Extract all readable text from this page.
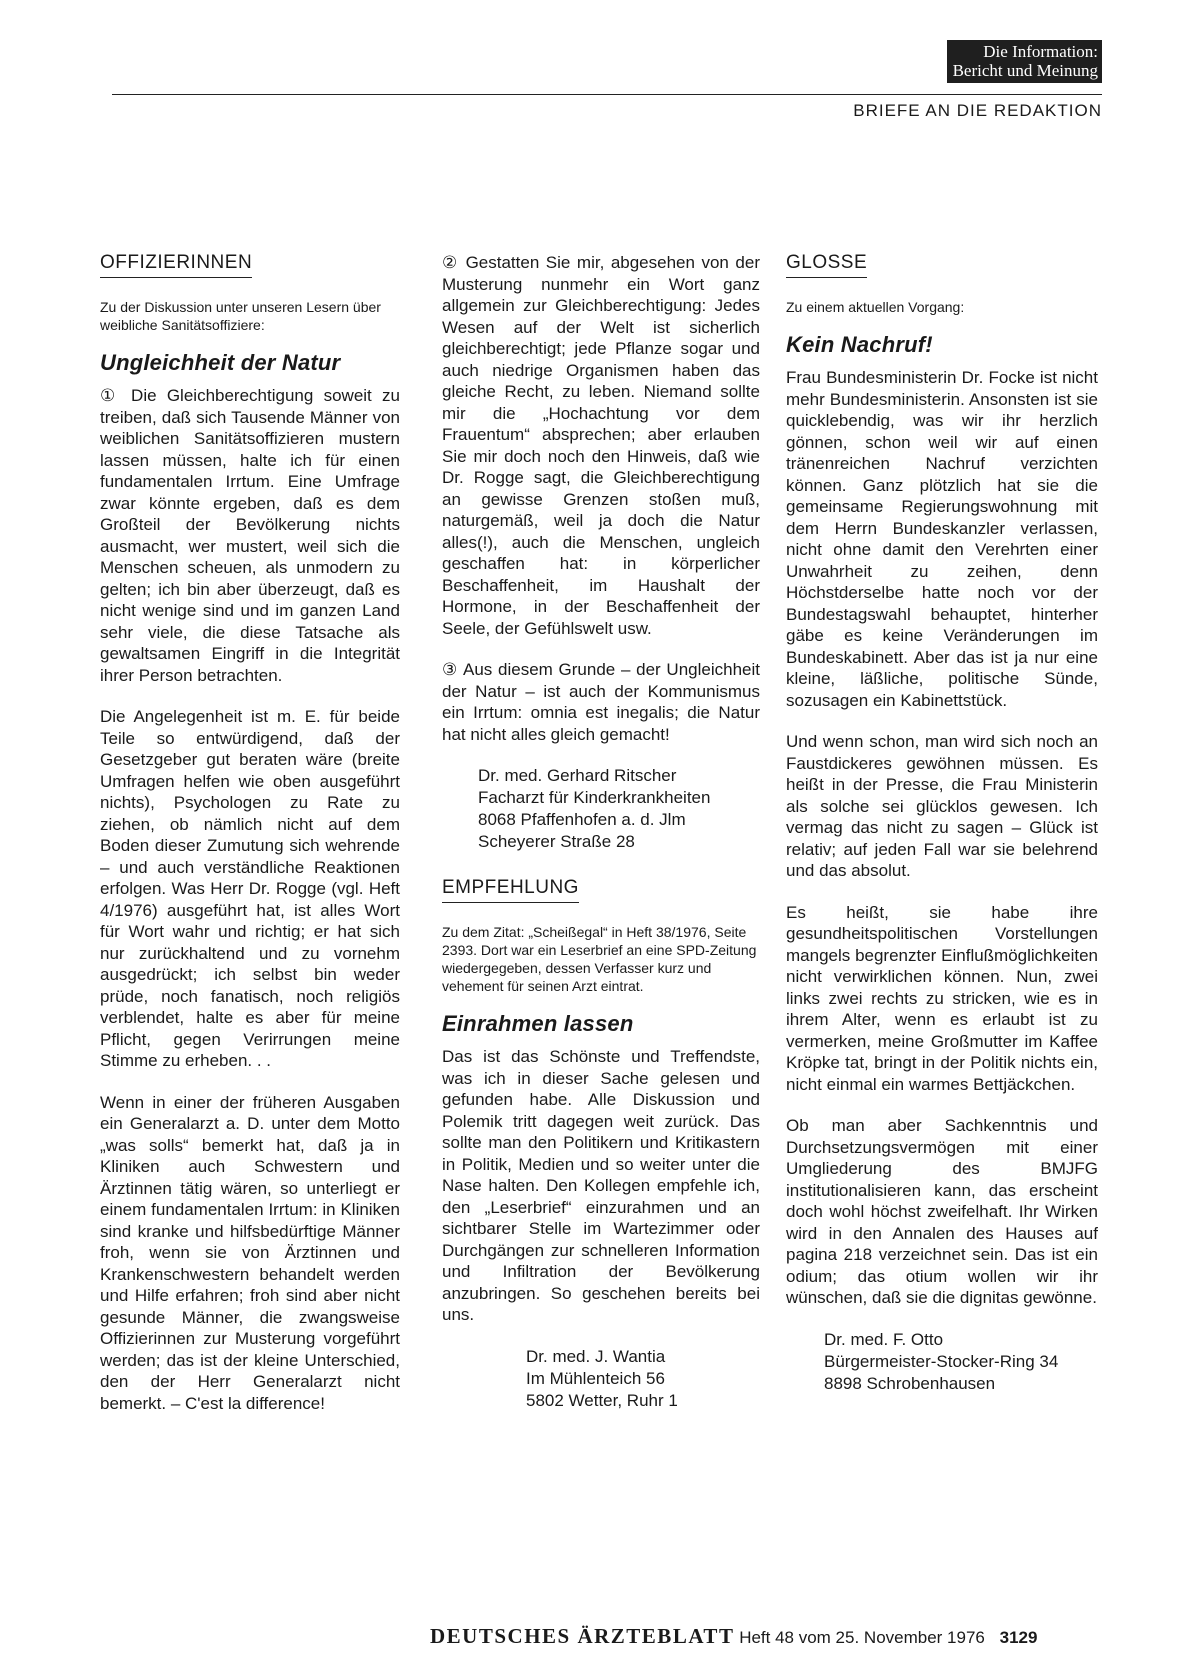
Die Information:
Bericht und Meinung
BRIEFE AN DIE REDAKTION
OFFIZIERINNEN
Zu der Diskussion unter unseren Lesern über weibliche Sanitätsoffiziere:
Ungleichheit der Natur

① Die Gleichberechtigung soweit zu treiben, daß sich Tausende Männer von weiblichen Sanitätsoffizieren mustern lassen müssen, halte ich für einen fundamentalen Irrtum. Eine Umfrage zwar könnte ergeben, daß es dem Großteil der Bevölkerung nichts ausmacht, wer mustert, weil sich die Menschen scheuen, als unmodern zu gelten; ich bin aber überzeugt, daß es nicht wenige sind und im ganzen Land sehr viele, die diese Tatsache als gewaltsamen Eingriff in die Integrität ihrer Person betrachten.

Die Angelegenheit ist m. E. für beide Teile so entwürdigend, daß der Gesetzgeber gut beraten wäre (breite Umfragen helfen wie oben ausgeführt nichts), Psychologen zu Rate zu ziehen, ob nämlich nicht auf dem Boden dieser Zumutung sich wehrende – und auch verständliche Reaktionen erfolgen. Was Herr Dr. Rogge (vgl. Heft 4/1976) ausgeführt hat, ist alles Wort für Wort wahr und richtig; er hat sich nur zurückhaltend und zu vornehm ausgedrückt; ich selbst bin weder prüde, noch fanatisch, noch religiös verblendet, halte es aber für meine Pflicht, gegen Verirrungen meine Stimme zu erheben. . .

Wenn in einer der früheren Ausgaben ein Generalarzt a. D. unter dem Motto „was solls“ bemerkt hat, daß ja in Kliniken auch Schwestern und Ärztinnen tätig wären, so unterliegt er einem fundamentalen Irrtum: in Kliniken sind kranke und hilfsbedürftige Männer froh, wenn sie von Ärztinnen und Krankenschwestern behandelt werden und Hilfe erfahren; froh sind aber nicht gesunde Männer, die zwangsweise Offizierinnen zur Musterung vorgeführt werden; das ist der kleine Unterschied, den der Herr Generalarzt nicht bemerkt. – C'est la difference!

② Gestatten Sie mir, abgesehen von der Musterung nunmehr ein Wort ganz allgemein zur Gleichberechtigung: Jedes Wesen auf der Welt ist sicherlich gleichberechtigt; jede Pflanze sogar und auch niedrige Organismen haben das gleiche Recht, zu leben. Niemand sollte mir die „Hochachtung vor dem Frauentum“ absprechen; aber erlauben Sie mir doch noch den Hinweis, daß wie Dr. Rogge sagt, die Gleichberechtigung an gewisse Grenzen stoßen muß, naturgemäß, weil ja doch die Natur alles(!), auch die Menschen, ungleich geschaffen hat: in körperlicher Beschaffenheit, im Haushalt der Hormone, in der Beschaffenheit der Seele, der Gefühlswelt usw.

③ Aus diesem Grunde – der Ungleichheit der Natur – ist auch der Kommunismus ein Irrtum: omnia est inegalis; die Natur hat nicht alles gleich gemacht!

Dr. med. Gerhard Ritscher
Facharzt für Kinderkrankheiten
8068 Pfaffenhofen a. d. Jlm
Scheyerer Straße 28
EMPFEHLUNG
Zu dem Zitat: „Scheißegal“ in Heft 38/1976, Seite 2393. Dort war ein Leserbrief an eine SPD-Zeitung wiedergegeben, dessen Verfasser kurz und vehement für seinen Arzt eintrat.
Einrahmen lassen

Das ist das Schönste und Treffendste, was ich in dieser Sache gelesen und gefunden habe. Alle Diskussion und Polemik tritt dagegen weit zurück. Das sollte man den Politikern und Kritikastern in Politik, Medien und so weiter unter die Nase halten. Den Kollegen empfehle ich, den „Leserbrief“ einzurahmen und an sichtbarer Stelle im Wartezimmer oder Durchgängen zur schnelleren Information und Infiltration der Bevölkerung anzubringen. So geschehen bereits bei uns.

Dr. med. J. Wantia
Im Mühlenteich 56
5802 Wetter, Ruhr 1
GLOSSE
Zu einem aktuellen Vorgang:
Kein Nachruf!

Frau Bundesministerin Dr. Focke ist nicht mehr Bundesministerin. Ansonsten ist sie quicklebendig, was wir ihr herzlich gönnen, schon weil wir auf einen tränenreichen Nachruf verzichten können. Ganz plötzlich hat sie die gemeinsame Regierungswohnung mit dem Herrn Bundeskanzler verlassen, nicht ohne damit den Verehrten einer Unwahrheit zu zeihen, denn Höchstderselbe hatte noch vor der Bundestagswahl behauptet, hinterher gäbe es keine Veränderungen im Bundeskabinett. Aber das ist ja nur eine kleine, läßliche, politische Sünde, sozusagen ein Kabinettstück.

Und wenn schon, man wird sich noch an Faustdickeres gewöhnen müssen. Es heißt in der Presse, die Frau Ministerin als solche sei glücklos gewesen. Ich vermag das nicht zu sagen – Glück ist relativ; auf jeden Fall war sie belehrend und das absolut.

Es heißt, sie habe ihre gesundheitspolitischen Vorstellungen mangels begrenzter Einflußmöglichkeiten nicht verwirklichen können. Nun, zwei links zwei rechts zu stricken, wie es in ihrem Alter, wenn es erlaubt ist zu vermerken, meine Großmutter im Kaffee Kröpke tat, bringt in der Politik nichts ein, nicht einmal ein warmes Bettjäckchen.

Ob man aber Sachkenntnis und Durchsetzungsvermögen mit einer Umgliederung des BMJFG institutionalisieren kann, das erscheint doch wohl höchst zweifelhaft. Ihr Wirken wird in den Annalen des Hauses auf pagina 218 verzeichnet sein. Das ist ein odium; das otium wollen wir ihr wünschen, daß sie die dignitas gewönne.

Dr. med. F. Otto
Bürgermeister-Stocker-Ring 34
8898 Schrobenhausen
DEUTSCHES ÄRZTEBLATT Heft 48 vom 25. November 1976 3129
